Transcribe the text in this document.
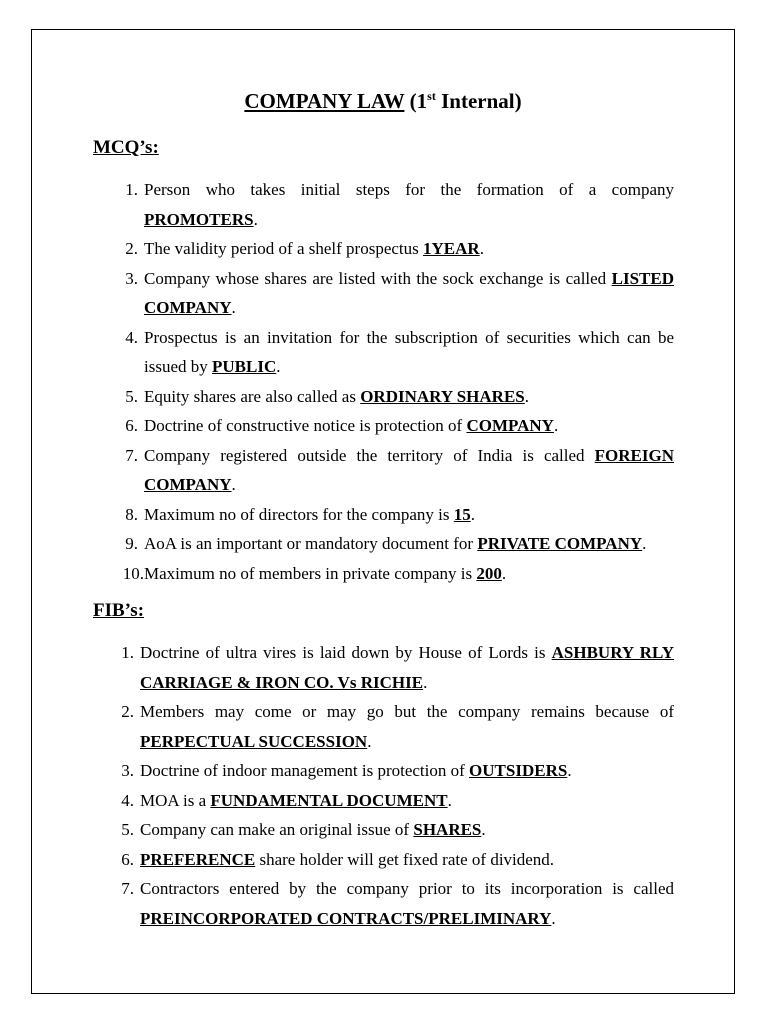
COMPANY LAW (1st Internal)
MCQ’s:
1. Person who takes initial steps for the formation of a company PROMOTERS.
2. The validity period of a shelf prospectus 1YEAR.
3. Company whose shares are listed with the sock exchange is called LISTED COMPANY.
4. Prospectus is an invitation for the subscription of securities which can be issued by PUBLIC.
5. Equity shares are also called as ORDINARY SHARES.
6. Doctrine of constructive notice is protection of COMPANY.
7. Company registered outside the territory of India is called FOREIGN COMPANY.
8. Maximum no of directors for the company is 15.
9. AoA is an important or mandatory document for PRIVATE COMPANY.
10. Maximum no of members in private company is 200.
FIB’s:
1. Doctrine of ultra vires is laid down by House of Lords is ASHBURY RLY CARRIAGE & IRON CO. Vs RICHIE.
2. Members may come or may go but the company remains because of PERPECTUAL SUCCESSION.
3. Doctrine of indoor management is protection of OUTSIDERS.
4. MOA is a FUNDAMENTAL DOCUMENT.
5. Company can make an original issue of SHARES.
6. PREFERENCE share holder will get fixed rate of dividend.
7. Contractors entered by the company prior to its incorporation is called PREINCORPORATED CONTRACTS/PRELIMINARY.
